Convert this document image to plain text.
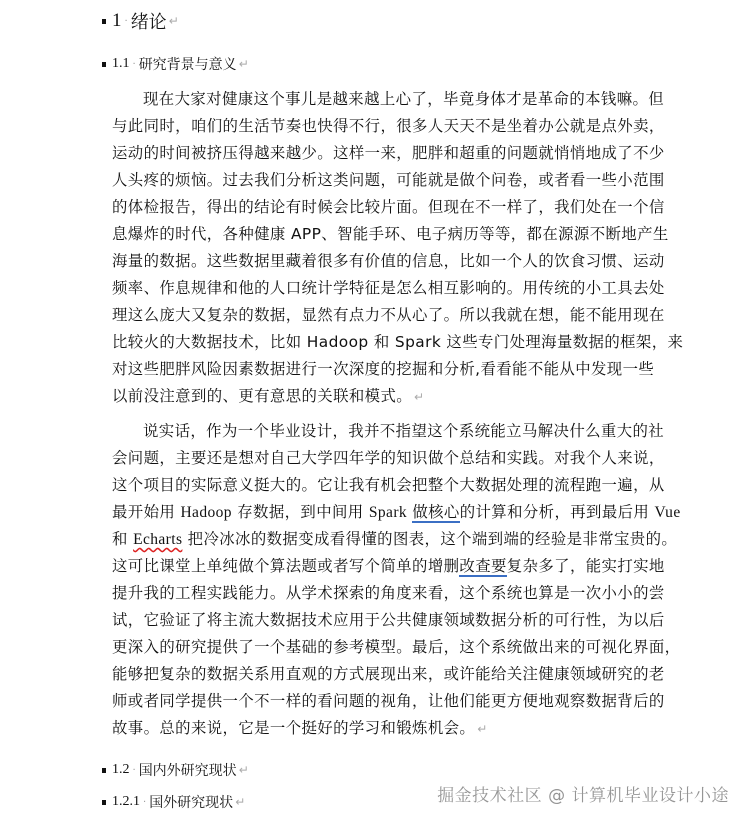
1 · 绪论 ↵
1.1 · 研究背景与意义 ↵
现在大家对健康这个事儿是越来越上心了，毕竟身体才是革命的本钱嘛。但
与此同时，咱们的生活节奏也快得不行，很多人天天不是坐着办公就是点外卖，
运动的时间被挤压得越来越少。这样一来，肥胖和超重的问题就悄悄地成了不少
人头疼的烦恼。过去我们分析这类问题，可能就是做个问卷，或者看一些小范围
的体检报告，得出的结论有时候会比较片面。但现在不一样了，我们处在一个信
息爆炸的时代，各种健康 APP、智能手环、电子病历等等，都在源源不断地产生
海量的数据。这些数据里藏着很多有价值的信息，比如一个人的饮食习惯、运动
频率、作息规律和他的人口统计学特征是怎么相互影响的。用传统的小工具去处
理这么庞大又复杂的数据，显然有点力不从心了。所以我就在想，能不能用现在
比较火的大数据技术，比如 Hadoop 和 Spark 这些专门处理海量数据的框架，来
对这些肥胖风险因素数据进行一次深度的挖掘和分析,看看能不能从中发现一些
以前没注意到的、更有意思的关联和模式。 ↵
说实话，作为一个毕业设计，我并不指望这个系统能立马解决什么重大的社
会问题，主要还是想对自己大学四年学的知识做个总结和实践。对我个人来说，
这个项目的实际意义挺大的。它让我有机会把整个大数据处理的流程跑一遍，从
最开始用 Hadoop 存数据，到中间用 Spark 做核心的计算和分析，再到最后用 Vue
和 Echarts 把冷冰冰的数据变成看得懂的图表，这个端到端的经验是非常宝贵的。
这可比课堂上单纯做个算法题或者写个简单的增删改查要复杂多了，能实打实地
提升我的工程实践能力。从学术探索的角度来看，这个系统也算是一次小小的尝
试，它验证了将主流大数据技术应用于公共健康领域数据分析的可行性，为以后
更深入的研究提供了一个基础的参考模型。最后，这个系统做出来的可视化界面，
能够把复杂的数据关系用直观的方式展现出来，或许能给关注健康领域研究的老
师或者同学提供一个不一样的看问题的视角，让他们能更方便地观察数据背后的
故事。总的来说，它是一个挺好的学习和锻炼机会。 ↵
1.2 · 国内外研究现状 ↵
1.2.1 · 国外研究现状 ↵	掘金技术社区 @ 计算机毕业设计小途
